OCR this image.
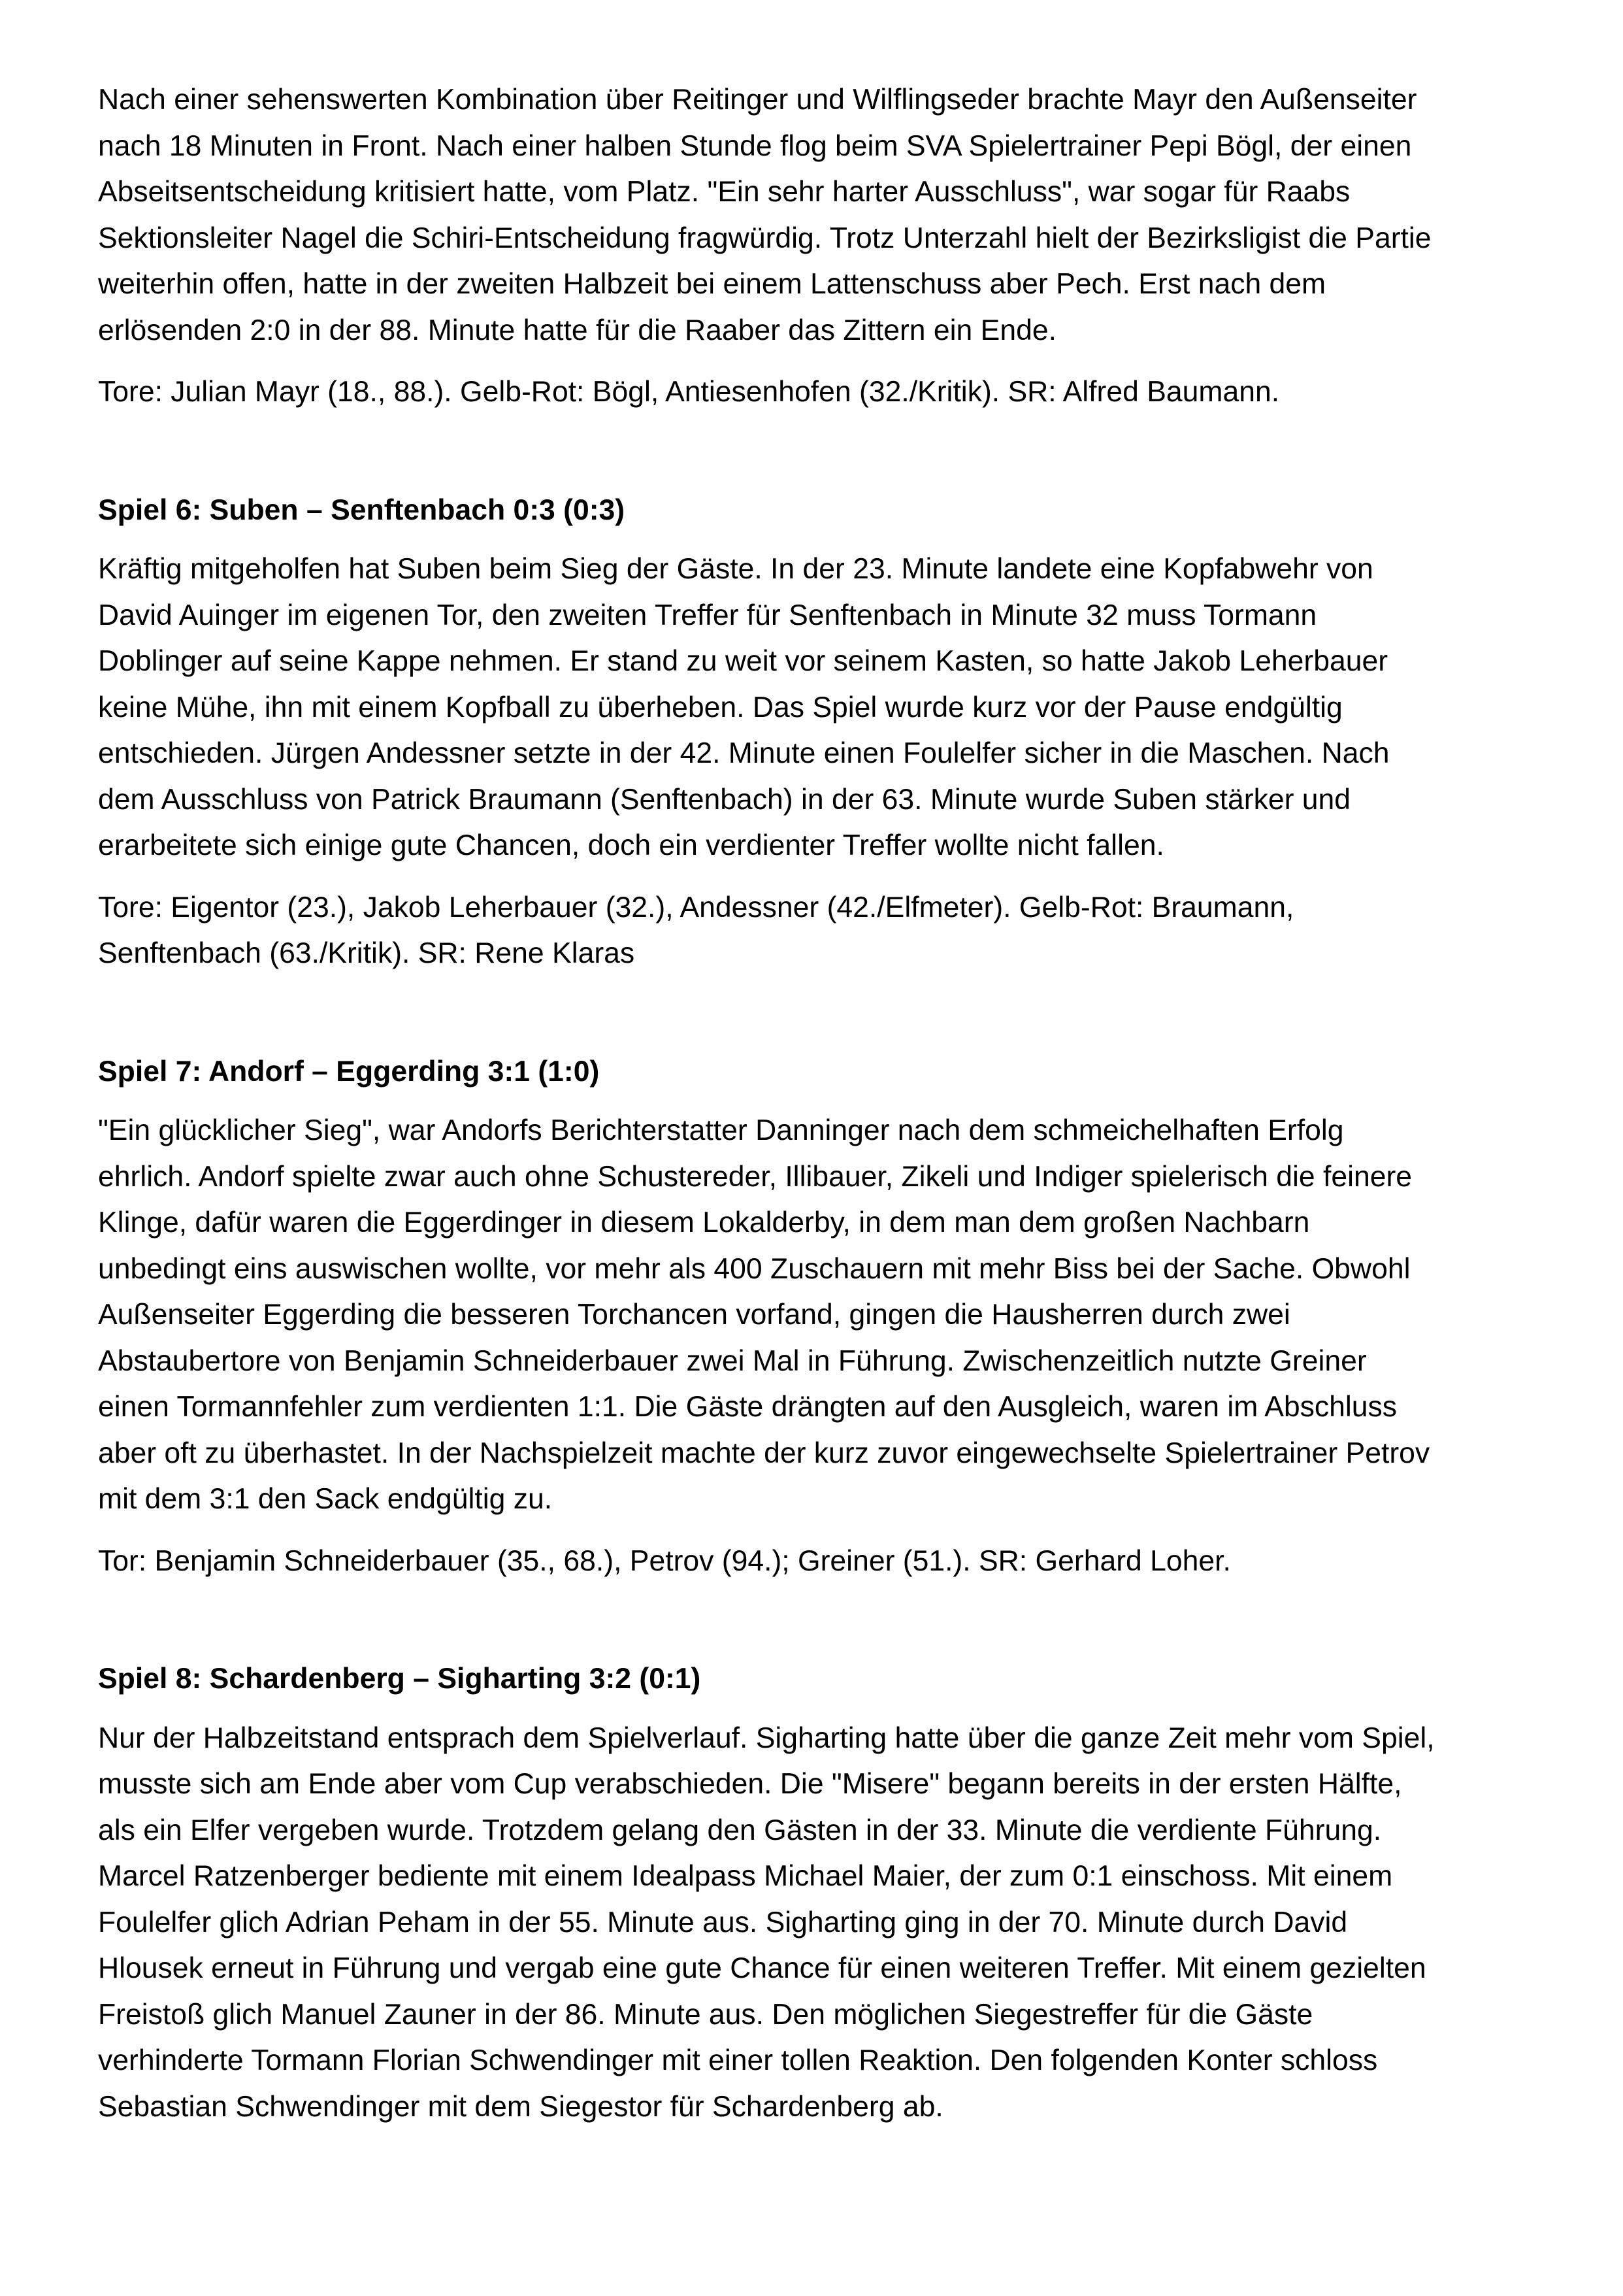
Nach einer sehenswerten Kombination über Reitinger und Wilflingseder brachte Mayr den Außenseiter
nach 18 Minuten in Front. Nach einer halben Stunde flog beim SVA Spielertrainer Pepi Bögl, der einen
Abseitsentscheidung kritisiert hatte, vom Platz. "Ein sehr harter Ausschluss", war sogar für Raabs
Sektionsleiter Nagel die Schiri-Entscheidung fragwürdig. Trotz Unterzahl hielt der Bezirksligist die Partie
weiterhin offen, hatte in der zweiten Halbzeit bei einem Lattenschuss aber Pech. Erst nach dem
erlösenden 2:0 in der 88. Minute hatte für die Raaber das Zittern ein Ende.

Tore: Julian Mayr (18., 88.). Gelb-Rot: Bögl, Antiesenhofen (32./Kritik). SR: Alfred Baumann.

Spiel 6: Suben – Senftenbach 0:3 (0:3)

Kräftig mitgeholfen hat Suben beim Sieg der Gäste. In der 23. Minute landete eine Kopfabwehr von
David Auinger im eigenen Tor, den zweiten Treffer für Senftenbach in Minute 32 muss Tormann
Doblinger auf seine Kappe nehmen. Er stand zu weit vor seinem Kasten, so hatte Jakob Leherbauer
keine Mühe, ihn mit einem Kopfball zu überheben. Das Spiel wurde kurz vor der Pause endgültig
entschieden. Jürgen Andessner setzte in der 42. Minute einen Foulelfer sicher in die Maschen. Nach
dem Ausschluss von Patrick Braumann (Senftenbach) in der 63. Minute wurde Suben stärker und
erarbeitete sich einige gute Chancen, doch ein verdienter Treffer wollte nicht fallen.

Tore: Eigentor (23.), Jakob Leherbauer (32.), Andessner (42./Elfmeter). Gelb-Rot: Braumann,
Senftenbach (63./Kritik). SR: Rene Klaras

Spiel 7: Andorf – Eggerding 3:1 (1:0)

"Ein glücklicher Sieg", war Andorfs Berichterstatter Danninger nach dem schmeichelhaften Erfolg
ehrlich. Andorf spielte zwar auch ohne Schustereder, Illibauer, Zikeli und Indiger spielerisch die feinere
Klinge, dafür waren die Eggerdinger in diesem Lokalderby, in dem man dem großen Nachbarn
unbedingt eins auswischen wollte, vor mehr als 400 Zuschauern mit mehr Biss bei der Sache. Obwohl
Außenseiter Eggerding die besseren Torchancen vorfand, gingen die Hausherren durch zwei
Abstaubertore von Benjamin Schneiderbauer zwei Mal in Führung. Zwischenzeitlich nutzte Greiner
einen Tormannfehler zum verdienten 1:1. Die Gäste drängten auf den Ausgleich, waren im Abschluss
aber oft zu überhastet. In der Nachspielzeit machte der kurz zuvor eingewechselte Spielertrainer Petrov
mit dem 3:1 den Sack endgültig zu.

Tor: Benjamin Schneiderbauer (35., 68.), Petrov (94.); Greiner (51.). SR: Gerhard Loher.

Spiel 8: Schardenberg – Sigharting 3:2 (0:1)

Nur der Halbzeitstand entsprach dem Spielverlauf. Sigharting hatte über die ganze Zeit mehr vom Spiel,
musste sich am Ende aber vom Cup verabschieden. Die "Misere" begann bereits in der ersten Hälfte,
als ein Elfer vergeben wurde. Trotzdem gelang den Gästen in der 33. Minute die verdiente Führung.
Marcel Ratzenberger bediente mit einem Idealpass Michael Maier, der zum 0:1 einschoss. Mit einem
Foulelfer glich Adrian Peham in der 55. Minute aus. Sigharting ging in der 70. Minute durch David
Hlousek erneut in Führung und vergab eine gute Chance für einen weiteren Treffer. Mit einem gezielten
Freistoß glich Manuel Zauner in der 86. Minute aus. Den möglichen Siegestreffer für die Gäste
verhinderte Tormann Florian Schwendinger mit einer tollen Reaktion. Den folgenden Konter schloss
Sebastian Schwendinger mit dem Siegestor für Schardenberg ab.
